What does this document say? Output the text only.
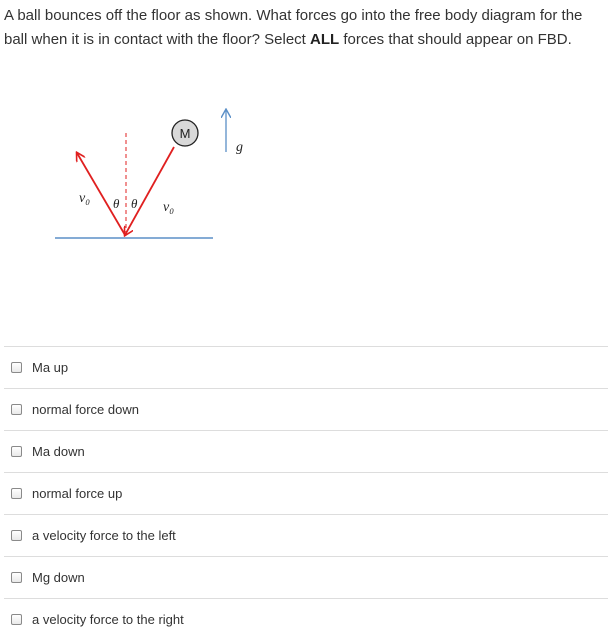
A ball bounces off the floor as shown. What forces go into the free body diagram for the ball when it is in contact with the floor? Select ALL forces that should appear on FBD.

M
g
v₀
v₀
θ θ
Ma up
normal force down
Ma down
normal force up
a velocity force to the left
Mg down
a velocity force to the right
